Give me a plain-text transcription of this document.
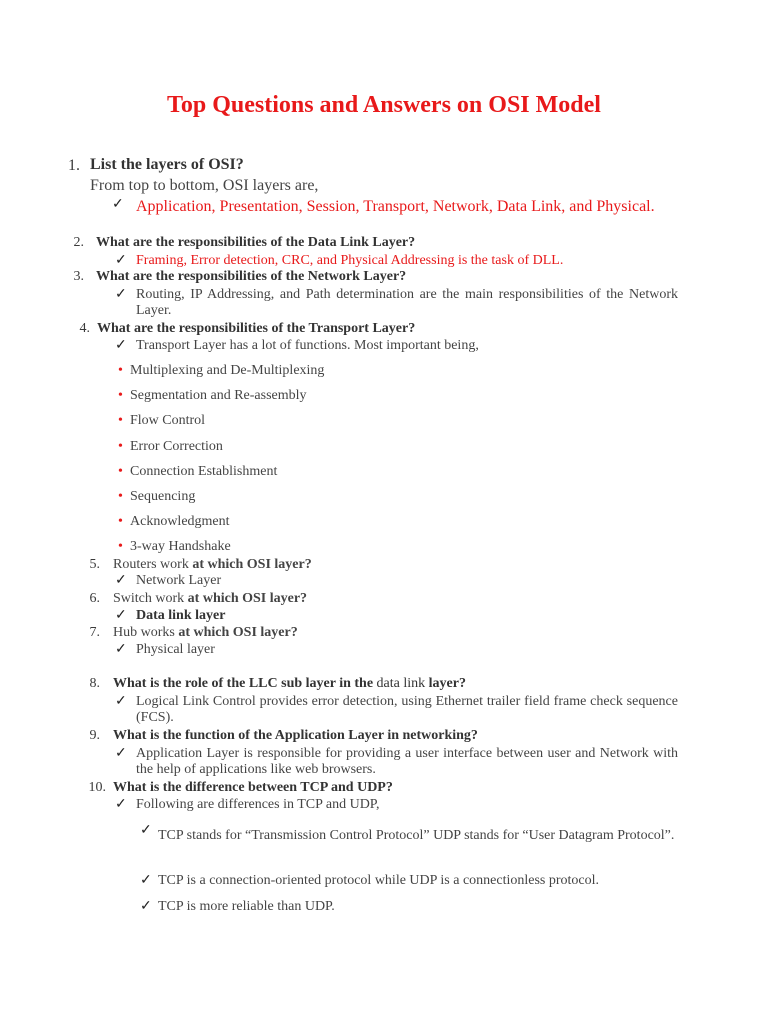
Top Questions and Answers on OSI Model
1. List the layers of OSI?
From top to bottom, OSI layers are,
✓ Application, Presentation, Session, Transport, Network, Data Link, and Physical.
2. What are the responsibilities of the Data Link Layer?
✓ Framing, Error detection, CRC, and Physical Addressing is the task of DLL.
3. What are the responsibilities of the Network Layer?
✓ Routing, IP Addressing, and Path determination are the main responsibilities of the Network Layer.
4. What are the responsibilities of the Transport Layer?
✓ Transport Layer has a lot of functions. Most important being,
• Multiplexing and De-Multiplexing
• Segmentation and Re-assembly
• Flow Control
• Error Correction
• Connection Establishment
• Sequencing
• Acknowledgment
• 3-way Handshake
5. Routers work at which OSI layer?
✓ Network Layer
6. Switch work at which OSI layer?
✓ Data link layer
7. Hub works at which OSI layer?
✓ Physical layer
8. What is the role of the LLC sub layer in the data link layer?
✓ Logical Link Control provides error detection, using Ethernet trailer field frame check sequence (FCS).
9. What is the function of the Application Layer in networking?
✓ Application Layer is responsible for providing a user interface between user and Network with the help of applications like web browsers.
10. What is the difference between TCP and UDP?
✓ Following are differences in TCP and UDP,
✓ TCP stands for “Transmission Control Protocol” UDP stands for “User Datagram Protocol”.
✓ TCP is a connection-oriented protocol while UDP is a connectionless protocol.
✓ TCP is more reliable than UDP.
